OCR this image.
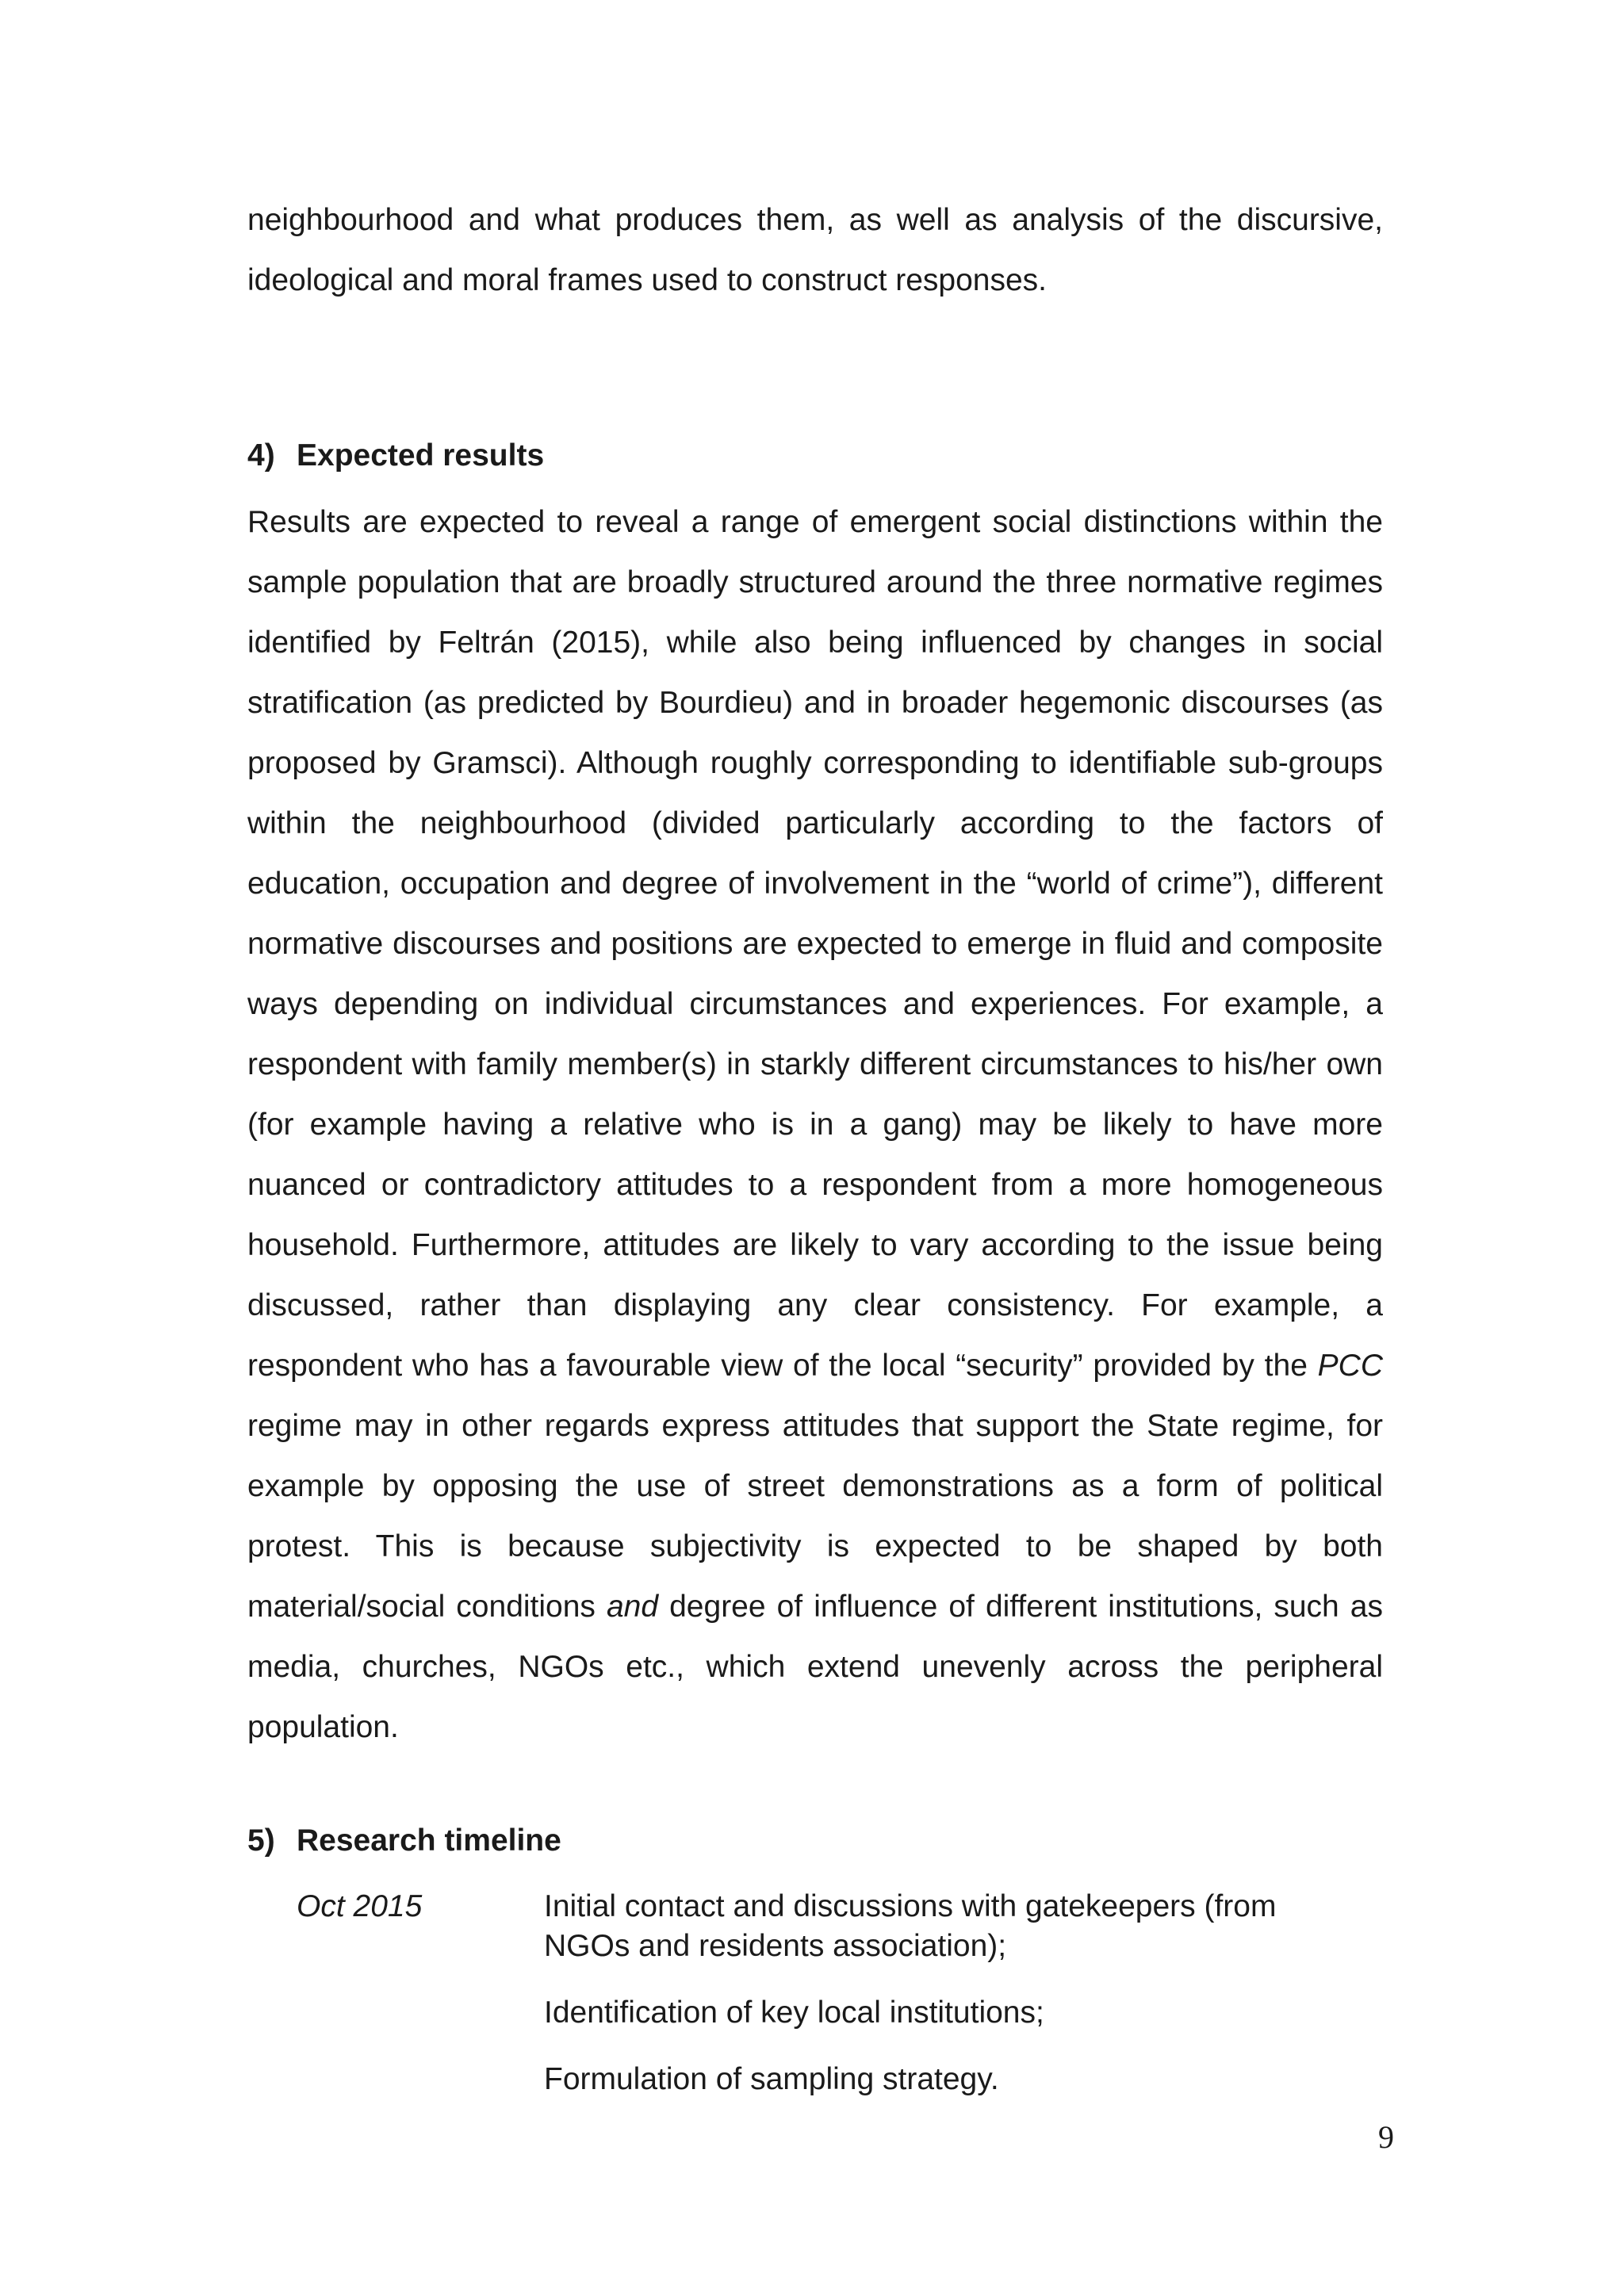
neighbourhood and what produces them, as well as analysis of the discursive, ideological and moral frames used to construct responses.

4) Expected results

Results are expected to reveal a range of emergent social distinctions within the sample population that are broadly structured around the three normative regimes identified by Feltrán (2015), while also being influenced by changes in social stratification (as predicted by Bourdieu) and in broader hegemonic discourses (as proposed by Gramsci). Although roughly corresponding to identifiable sub-groups within the neighbourhood (divided particularly according to the factors of education, occupation and degree of involvement in the “world of crime”), different normative discourses and positions are expected to emerge in fluid and composite ways depending on individual circumstances and experiences. For example, a respondent with family member(s) in starkly different circumstances to his/her own (for example having a relative who is in a gang) may be likely to have more nuanced or contradictory attitudes to a respondent from a more homogeneous household. Furthermore, attitudes are likely to vary according to the issue being discussed, rather than displaying any clear consistency. For example, a respondent who has a favourable view of the local “security” provided by the PCC regime may in other regards express attitudes that support the State regime, for example by opposing the use of street demonstrations as a form of political protest. This is because subjectivity is expected to be shaped by both material/social conditions and degree of influence of different institutions, such as media, churches, NGOs etc., which extend unevenly across the peripheral population.

5) Research timeline
Oct 2015	Initial contact and discussions with gatekeepers (from NGOs and residents association);
Identification of key local institutions;
Formulation of sampling strategy.
9
